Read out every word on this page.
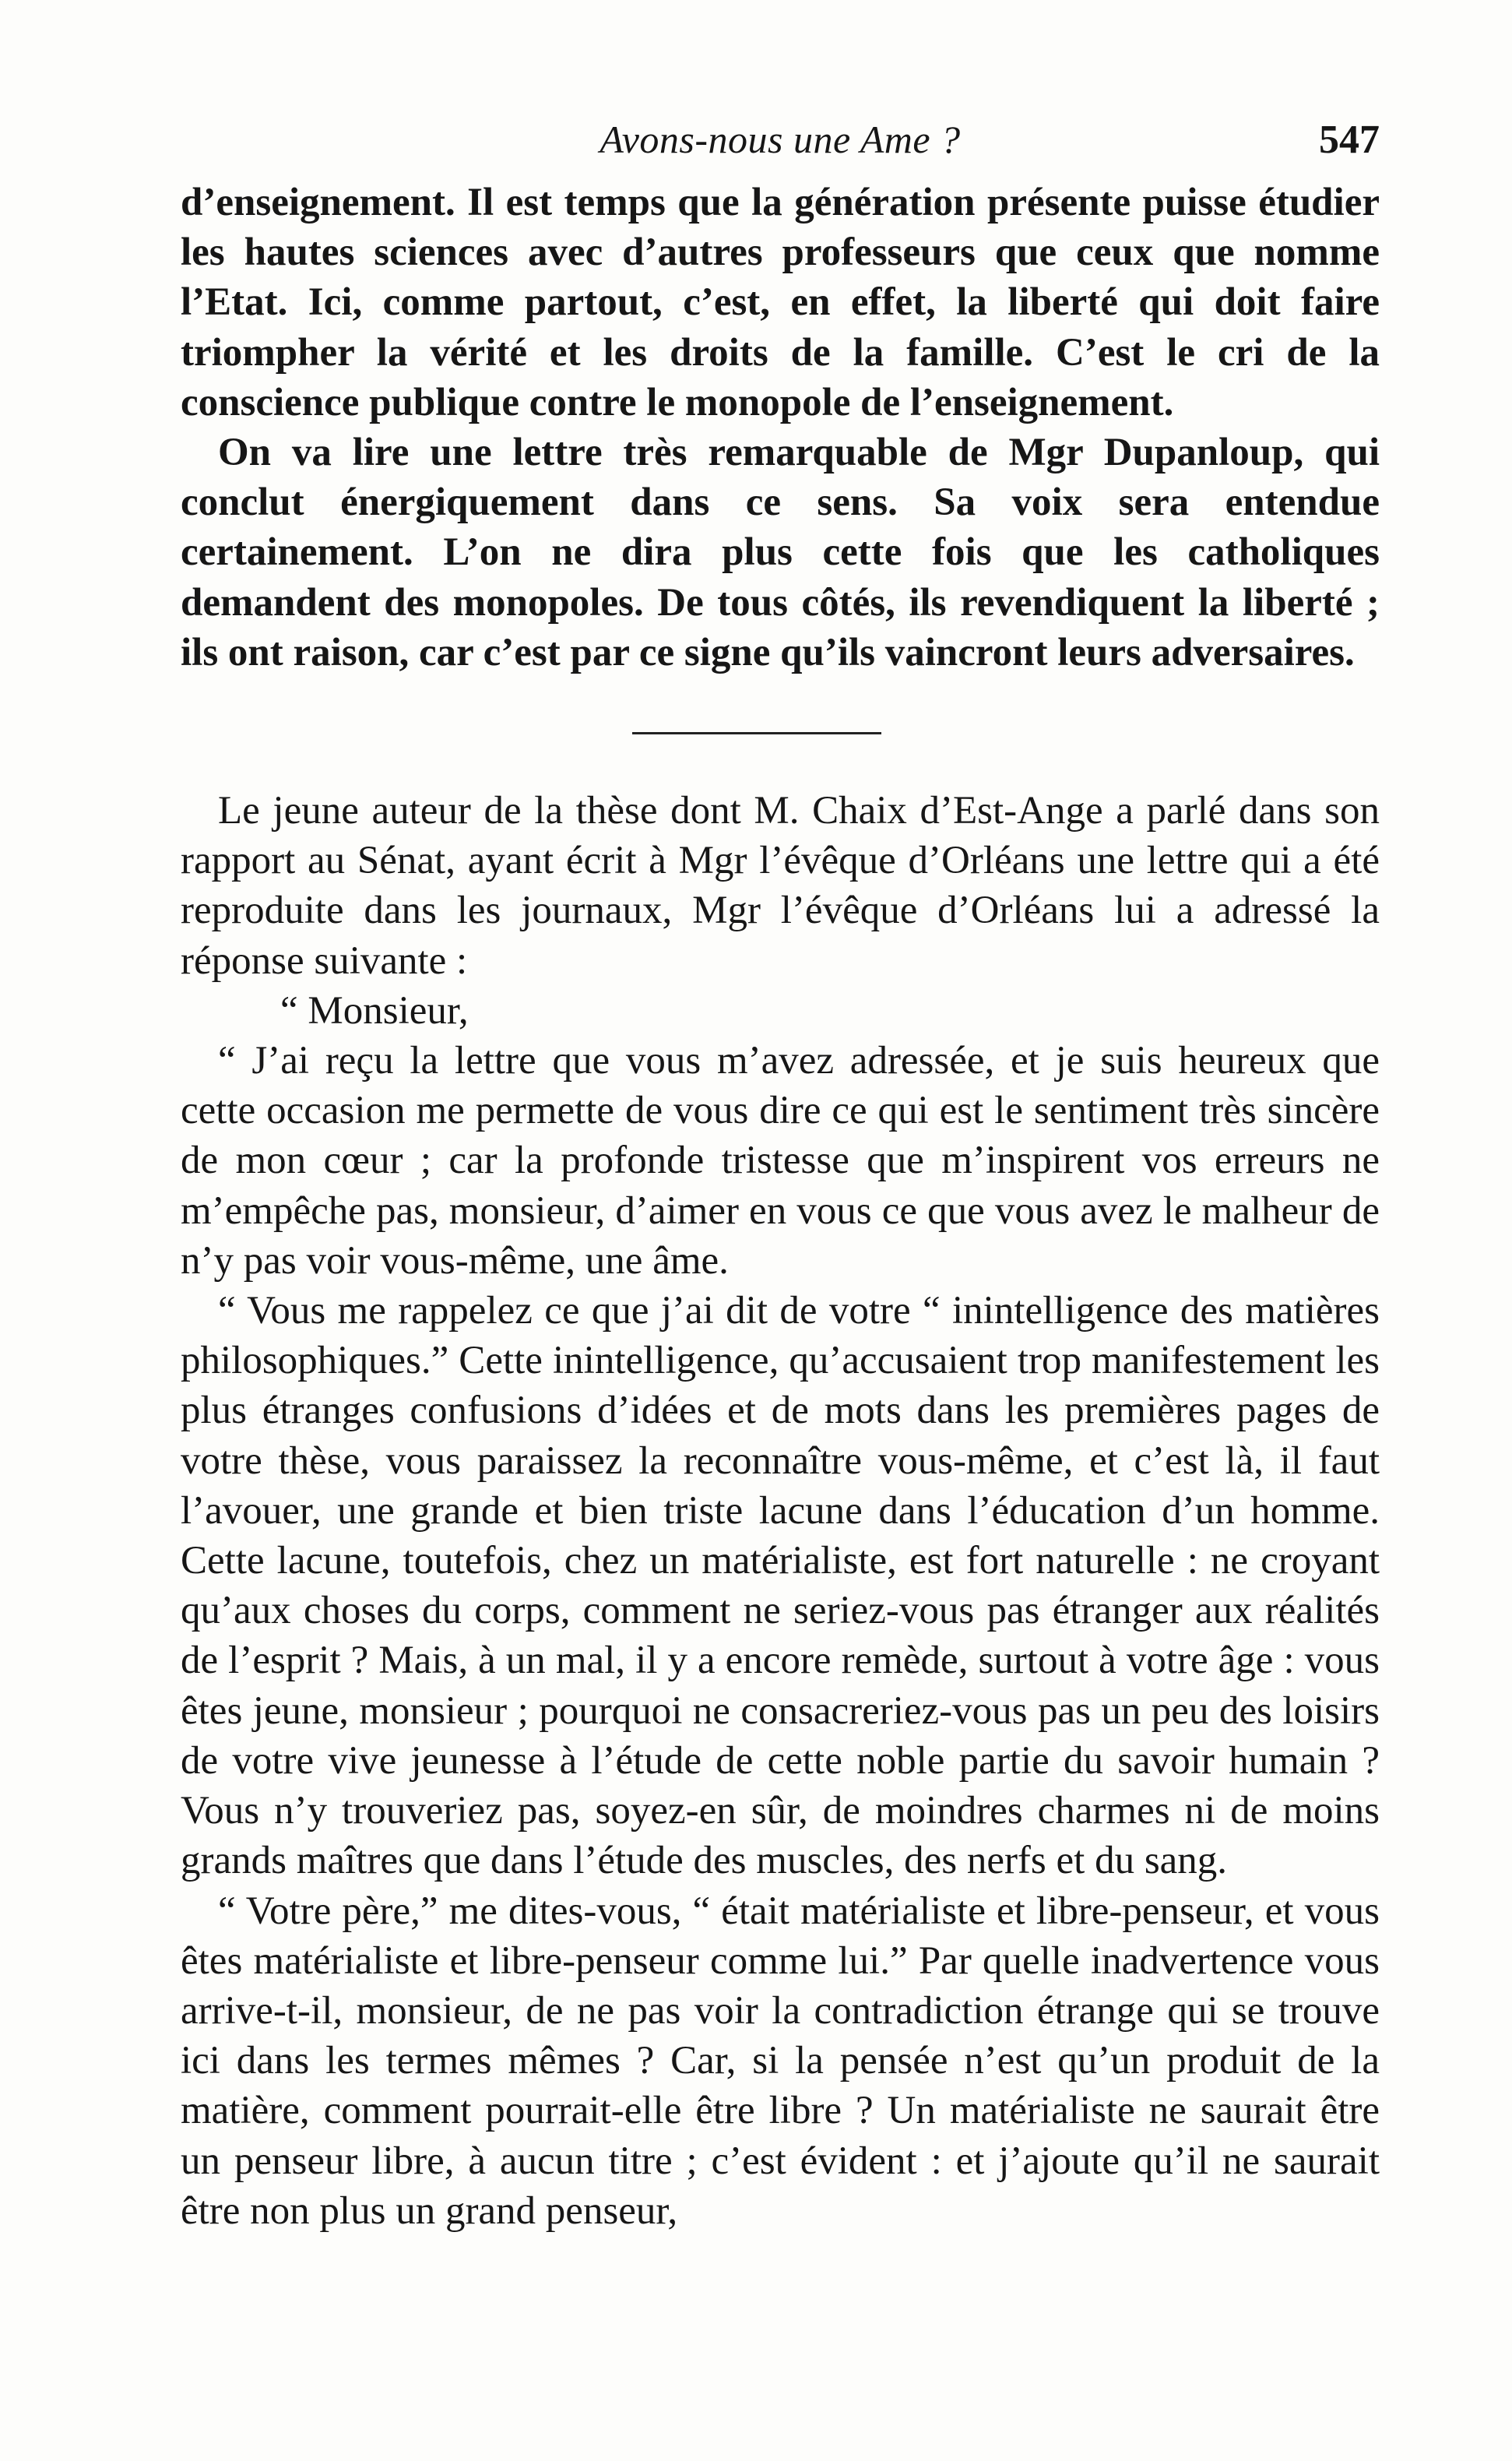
Avons-nous une Ame ?	547

d’enseignement. Il est temps que la génération présente puisse étudier les hautes sciences avec d’autres professeurs que ceux que nomme l’Etat. Ici, comme partout, c’est, en effet, la liberté qui doit faire triompher la vérité et les droits de la famille. C’est le cri de la conscience publique contre le monopole de l’enseignement.

On va lire une lettre très remarquable de Mgr Dupanloup, qui conclut énergiquement dans ce sens. Sa voix sera entendue certainement. L’on ne dira plus cette fois que les catholiques demandent des monopoles. De tous côtés, ils revendiquent la liberté ; ils ont raison, car c’est par ce signe qu’ils vaincront leurs adversaires.

Le jeune auteur de la thèse dont M. Chaix d’Est-Ange a parlé dans son rapport au Sénat, ayant écrit à Mgr l’évêque d’Orléans une lettre qui a été reproduite dans les journaux, Mgr l’évêque d’Orléans lui a adressé la réponse suivante :

“ Monsieur,

“ J’ai reçu la lettre que vous m’avez adressée, et je suis heureux que cette occasion me permette de vous dire ce qui est le sentiment très sincère de mon cœur ; car la profonde tristesse que m’inspirent vos erreurs ne m’empêche pas, monsieur, d’aimer en vous ce que vous avez le malheur de n’y pas voir vous-même, une âme.

“ Vous me rappelez ce que j’ai dit de votre “ inintelligence des matières philosophiques.” Cette inintelligence, qu’accusaient trop manifestement les plus étranges confusions d’idées et de mots dans les premières pages de votre thèse, vous paraissez la reconnaître vous-même, et c’est là, il faut l’avouer, une grande et bien triste lacune dans l’éducation d’un homme. Cette lacune, toutefois, chez un matérialiste, est fort naturelle : ne croyant qu’aux choses du corps, comment ne seriez-vous pas étranger aux réalités de l’esprit ? Mais, à un mal, il y a encore remède, surtout à votre âge : vous êtes jeune, monsieur ; pourquoi ne consacreriez-vous pas un peu des loisirs de votre vive jeunesse à l’étude de cette noble partie du savoir humain ? Vous n’y trouveriez pas, soyez-en sûr, de moindres charmes ni de moins grands maîtres que dans l’étude des muscles, des nerfs et du sang.

“ Votre père,” me dites-vous, “ était matérialiste et libre-penseur, et vous êtes matérialiste et libre-penseur comme lui.” Par quelle inadvertence vous arrive-t-il, monsieur, de ne pas voir la contradiction étrange qui se trouve ici dans les termes mêmes ? Car, si la pensée n’est qu’un produit de la matière, comment pourrait-elle être libre ? Un matérialiste ne saurait être un penseur libre, à aucun titre ; c’est évident : et j’ajoute qu’il ne saurait être non plus un grand penseur,
